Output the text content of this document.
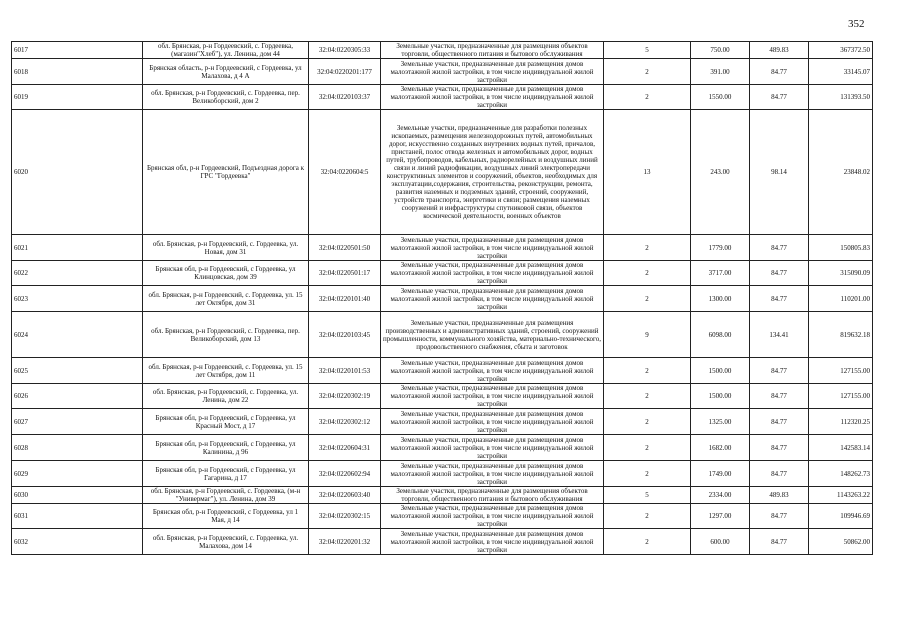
352
6017	обл. Брянская, р-н Гордеевский, с. Гордеевка, (магазин"Хлеб"), ул. Ленина, дом 44	32:04:0220305:33	Земельные участки, предназначенные для размещения объектов торговли, общественного питания и бытового обслуживания	5	750.00	489.83	367372.50
6018	Брянская область, р-н Гордеевский, с Гордеевка, ул Малахова, д 4 А	32:04:0220201:177	Земельные участки, предназначенные для размещения домов малоэтажной жилой застройки, в том числе индивидуальной жилой застройки	2	391.00	84.77	33145.07
6019	обл. Брянская, р-н Гордеевский, с. Гордеевка, пер. Великоборский, дом 2	32:04:0220103:37	Земельные участки, предназначенные для размещения домов малоэтажной жилой застройки, в том числе индивидуальной жилой застройки	2	1550.00	84.77	131393.50
6020	Брянская обл, р-н Гордеевский, Подъездная дорога к ГРС "Гордеевка"	32:04:0220604:5	Земельные участки, предназначенные для разработки полезных ископаемых, размещения железнодорожных путей, автомобильных дорог, искусственно созданных внутренних водных путей, причалов, пристаней, полос отвода железных и автомобильных дорог, водных путей, трубопроводов, кабельных, радиорелейных и воздушных линий связи и линий радиофикации, воздушных линий электропередачи конструктивных элементов и сооружений, объектов, необходимых для эксплуатации,содержания, строительства, реконструкции, ремонта, развития наземных и подземных зданий, строений, сооружений, устройств транспорта, энергетики и связи; размещения наземных сооружений и инфраструктуры спутниковой связи, объектов космической деятельности, военных объектов	13	243.00	98.14	23848.02
6021	обл. Брянская, р-н Гордеевский, с. Гордеевка, ул. Новая, дом 31	32:04:0220501:50	Земельные участки, предназначенные для размещения домов малоэтажной жилой застройки, в том числе индивидуальной жилой застройки	2	1779.00	84.77	150805.83
6022	Брянская обл, р-н Гордеевский, с Гордеевка, ул Клинцовская, дом 39	32:04:0220501:17	Земельные участки, предназначенные для размещения домов малоэтажной жилой застройки, в том числе индивидуальной жилой застройки	2	3717.00	84.77	315090.09
6023	обл. Брянская, р-н Гордеевский, с. Гордеевка, ул. 15 лет Октября, дом 31	32:04:0220101:40	Земельные участки, предназначенные для размещения домов малоэтажной жилой застройки, в том числе индивидуальной жилой застройки	2	1300.00	84.77	110201.00
6024	обл. Брянская, р-н Гордеевский, с. Гордеевка, пер. Великоборский, дом 13	32:04:0220103:45	Земельные участки, предназначенные для размещения производственных и административных зданий, строений, сооружений промышленности, коммунального хозяйства, материально-технического, продовольственного снабжения, сбыта и заготовок	9	6098.00	134.41	819632.18
6025	обл. Брянская, р-н Гордеевский, с. Гордеевка, ул. 15 лет Октября, дом 11	32:04:0220101:53	Земельные участки, предназначенные для размещения домов малоэтажной жилой застройки, в том числе индивидуальной жилой застройки	2	1500.00	84.77	127155.00
6026	обл. Брянская, р-н Гордеевский, с. Гордеевка, ул. Ленина, дом 22	32:04:0220302:19	Земельные участки, предназначенные для размещения домов малоэтажной жилой застройки, в том числе индивидуальной жилой застройки	2	1500.00	84.77	127155.00
6027	Брянская обл, р-н Гордеевский, с Гордеевка, ул Красный Мост, д 17	32:04:0220302:12	Земельные участки, предназначенные для размещения домов малоэтажной жилой застройки, в том числе индивидуальной жилой застройки	2	1325.00	84.77	112320.25
6028	Брянская обл, р-н Гордеевский, с Гордеевка, ул Калинина, д 96	32:04:0220604:31	Земельные участки, предназначенные для размещения домов малоэтажной жилой застройки, в том числе индивидуальной жилой застройки	2	1682.00	84.77	142583.14
6029	Брянская обл, р-н Гордеевский, с Гордеевка, ул Гагарина, д 17	32:04:0220602:94	Земельные участки, предназначенные для размещения домов малоэтажной жилой застройки, в том числе индивидуальной жилой застройки	2	1749.00	84.77	148262.73
6030	обл. Брянская, р-н Гордеевский, с. Гордеевка, (м-н "Универмаг"), ул. Ленина, дом 39	32:04:0220603:40	Земельные участки, предназначенные для размещения объектов торговли, общественного питания и бытового обслуживания	5	2334.00	489.83	1143263.22
6031	Брянская обл, р-н Гордеевский, с Гордеевка, ул 1 Мая, д 14	32:04:0220302:15	Земельные участки, предназначенные для размещения домов малоэтажной жилой застройки, в том числе индивидуальной жилой застройки	2	1297.00	84.77	109946.69
6032	обл. Брянская, р-н Гордеевский, с. Гордеевка, ул. Малахова, дом 14	32:04:0220201:32	Земельные участки, предназначенные для размещения домов малоэтажной жилой застройки, в том числе индивидуальной жилой застройки	2	600.00	84.77	50862.00
